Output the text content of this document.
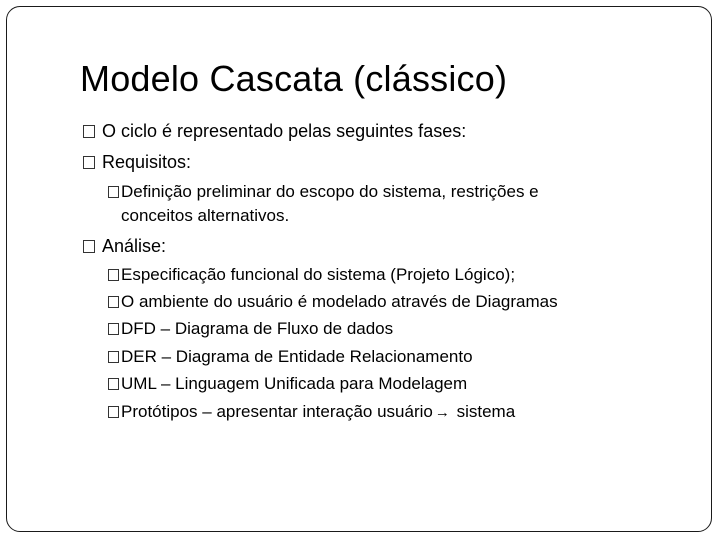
Modelo Cascata (clássico)
O ciclo é representado pelas seguintes fases:
Requisitos:
Definição preliminar do escopo do sistema, restrições e conceitos alternativos.
Análise:
Especificação funcional do sistema (Projeto Lógico);
O ambiente do usuário é modelado através de Diagramas
DFD – Diagrama de Fluxo de dados
DER – Diagrama de Entidade Relacionamento
UML – Linguagem Unificada para Modelagem
Protótipos – apresentar interação usuário → sistema
